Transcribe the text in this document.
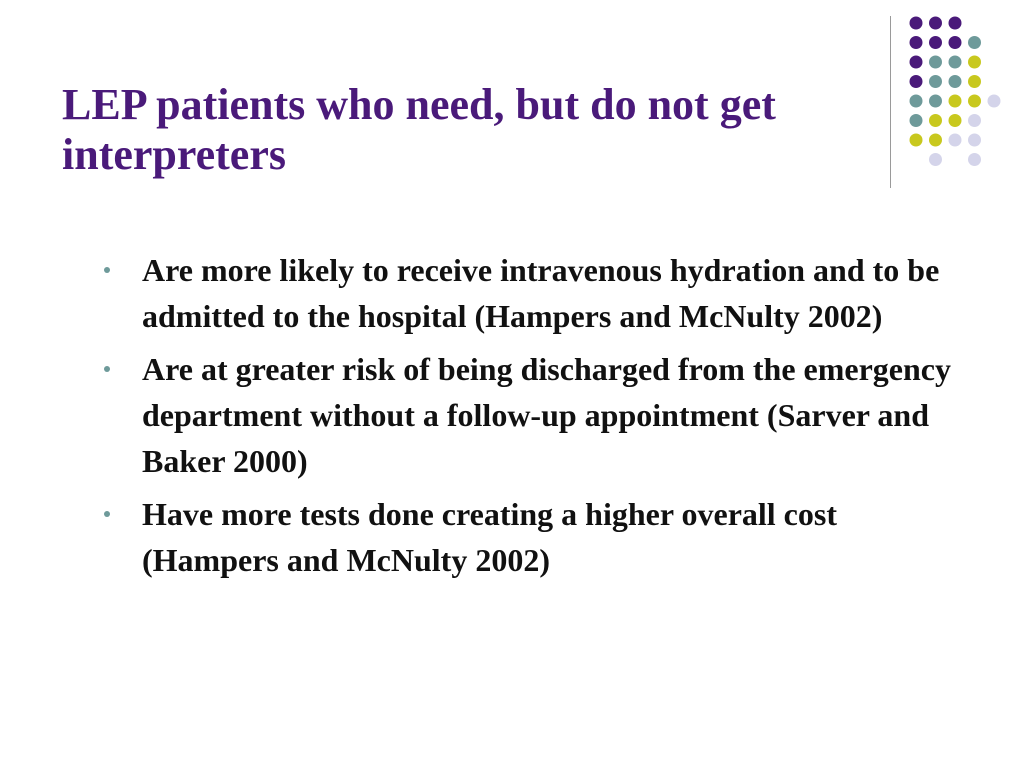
LEP patients who need, but do not get interpreters
Are more likely to receive intravenous hydration and to be admitted to the hospital (Hampers and McNulty 2002)
Are at greater risk of being discharged from the emergency department without a follow-up appointment (Sarver and Baker 2000)
Have more tests done creating a higher overall cost (Hampers and McNulty 2002)
